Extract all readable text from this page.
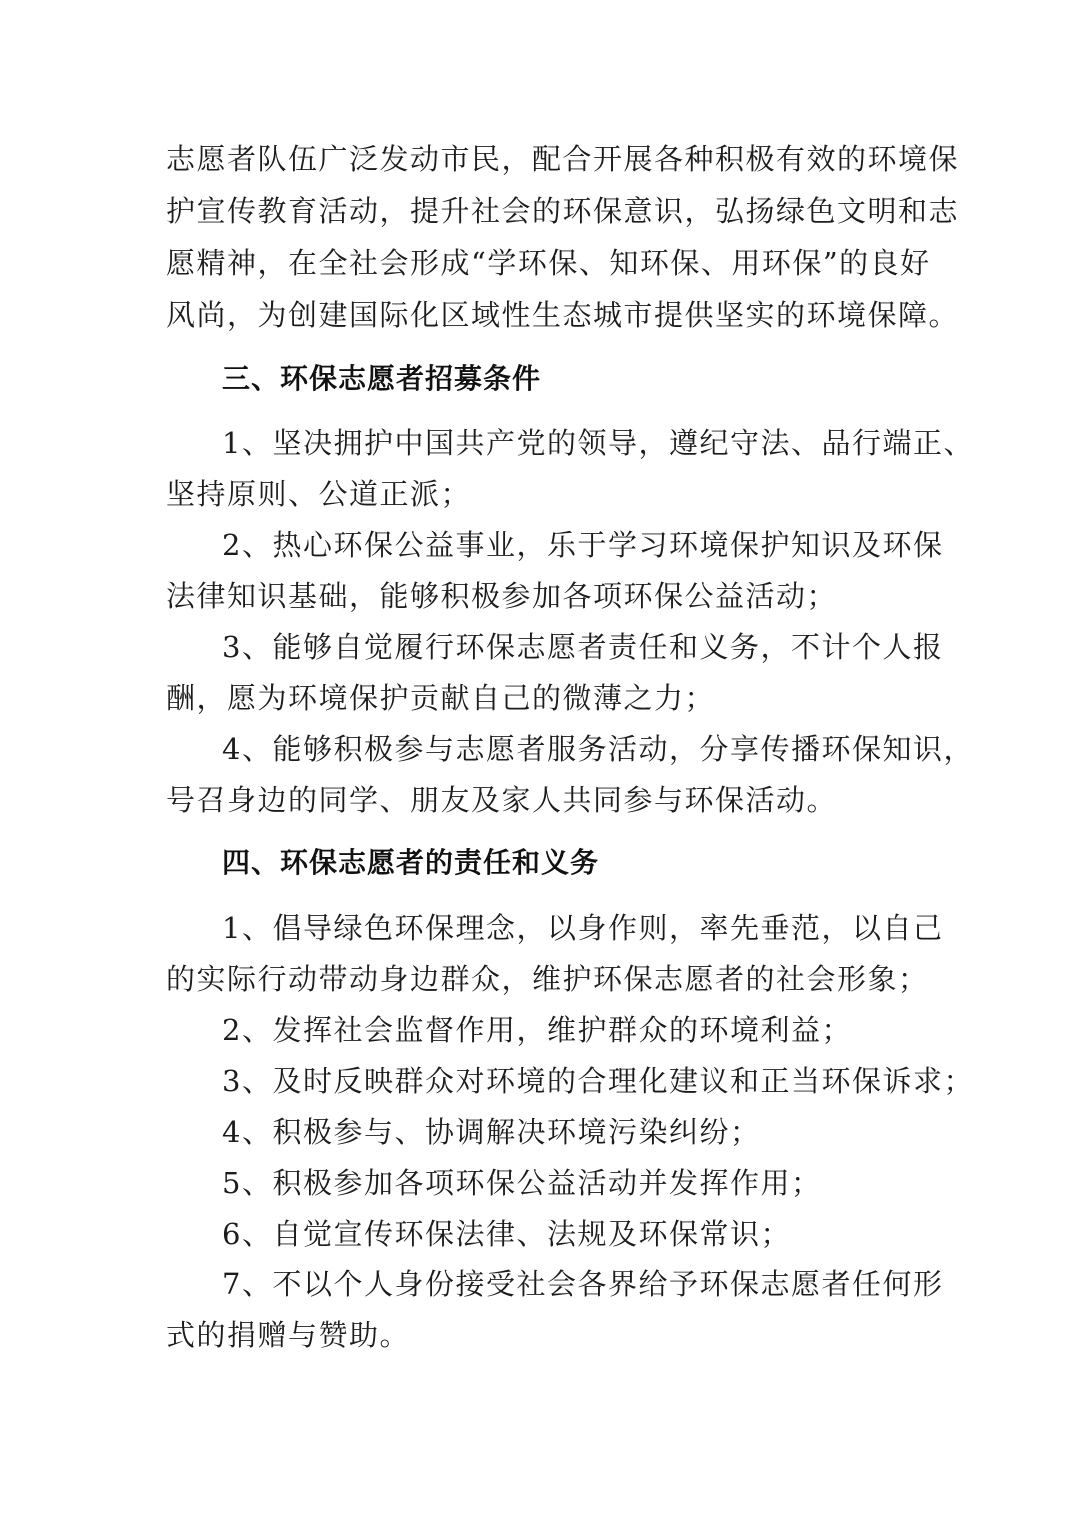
志愿者队伍广泛发动市民，配合开展各种积极有效的环境保
护宣传教育活动，提升社会的环保意识，弘扬绿色文明和志
愿精神，在全社会形成“学环保、知环保、用环保”的良好
风尚，为创建国际化区域性生态城市提供坚实的环境保障。
三、环保志愿者招募条件
1、坚决拥护中国共产党的领导，遵纪守法、品行端正、
坚持原则、公道正派；
2、热心环保公益事业，乐于学习环境保护知识及环保
法律知识基础，能够积极参加各项环保公益活动；
3、能够自觉履行环保志愿者责任和义务，不计个人报
酬，愿为环境保护贡献自己的微薄之力；
4、能够积极参与志愿者服务活动，分享传播环保知识，
号召身边的同学、朋友及家人共同参与环保活动。
四、环保志愿者的责任和义务
1、倡导绿色环保理念，以身作则，率先垂范，以自己
的实际行动带动身边群众，维护环保志愿者的社会形象；
2、发挥社会监督作用，维护群众的环境利益；
3、及时反映群众对环境的合理化建议和正当环保诉求；
4、积极参与、协调解决环境污染纠纷；
5、积极参加各项环保公益活动并发挥作用；
6、自觉宣传环保法律、法规及环保常识；
7、不以个人身份接受社会各界给予环保志愿者任何形
式的捐赠与赞助。
